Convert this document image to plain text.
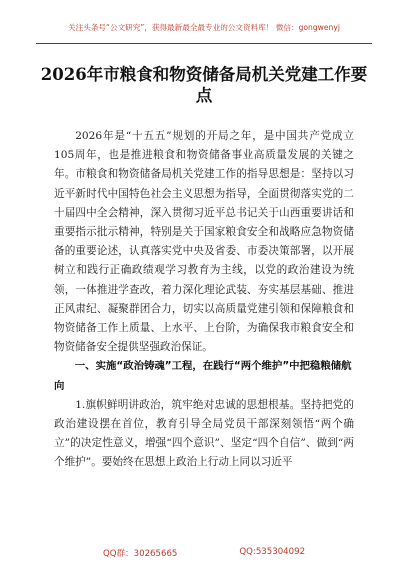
关注头条号“公文研究”，获得最新最全最专业的公文资料库！ 微信：gongwenyj
2026年市粮食和物资储备局机关党建工作要点

2026年是“十五五”规划的开局之年，是中国共产党成立105周年，也是推进粮食和物资储备事业高质量发展的关键之年。市粮食和物资储备局机关党建工作的指导思想是：坚持以习近平新时代中国特色社会主义思想为指导，全面贯彻落实党的二十届四中全会精神，深入贯彻习近平总书记关于山西重要讲话和重要指示批示精神，特别是关于国家粮食安全和战略应急物资储备的重要论述，认真落实党中央及省委、市委决策部署，以开展树立和践行正确政绩观学习教育为主线，以党的政治建设为统领，一体推进学查改，着力深化理论武装、夯实基层基础、推进正风肃纪、凝聚群团合力，切实以高质量党建引领和保障粮食和物资储备工作上质量、上水平、上台阶，为确保我市粮食安全和物资储备安全提供坚强政治保证。

一、实施“政治铸魂”工程，在践行“两个维护”中把稳粮储航向

1.旗帜鲜明讲政治，筑牢绝对忠诚的思想根基。坚持把党的政治建设摆在首位，教育引导全局党员干部深刻领悟“两个确立”的决定性意义，增强“四个意识”、坚定“四个自信”、做到“两个维护”。要始终在思想上政治上行动上同以习近平

QQ群：30265665	QQ:535304092
